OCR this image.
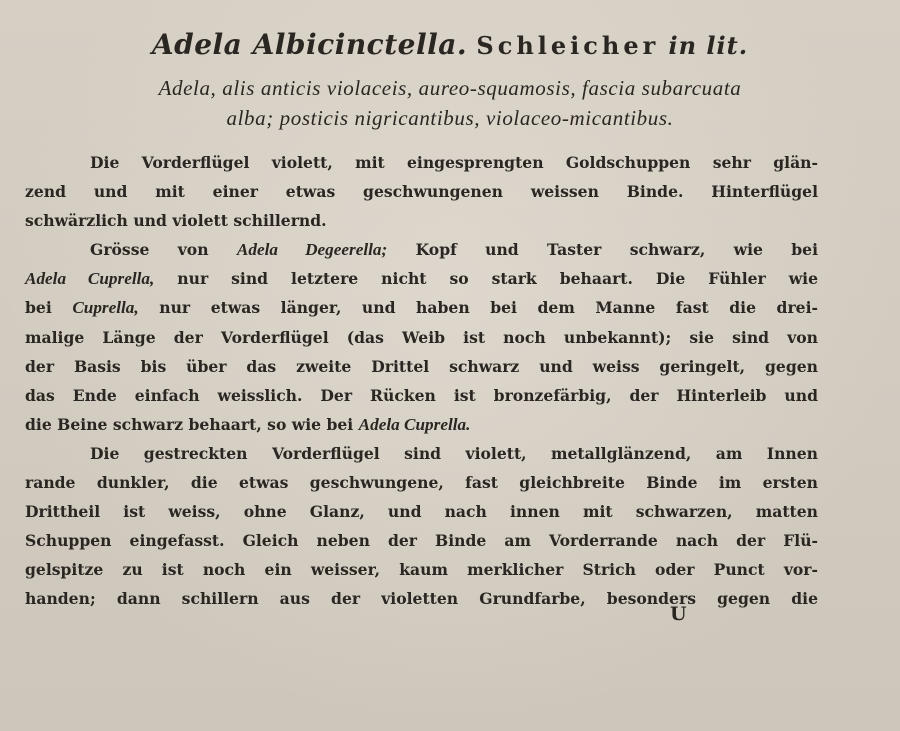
Adela Albicinctella. Schleicher in lit.
Adela, alis anticis violaceis, aureo-squamosis, fascia subarcuata
alba; posticis nigricantibus, violaceo-micantibus.
Die Vorderflügel violett, mit eingesprengten Goldschuppen sehr glän-
zend und mit einer etwas geschwungenen weissen Binde. Hinterflügel
schwärzlich und violett schillernd.
Grösse von Adela Degeerella; Kopf und Taster schwarz, wie bei
Adela Cuprella, nur sind letztere nicht so stark behaart. Die Fühler wie
bei Cuprella, nur etwas länger, und haben bei dem Manne fast die drei-
malige Länge der Vorderflügel (das Weib ist noch unbekannt); sie sind von
der Basis bis über das zweite Drittel schwarz und weiss geringelt, gegen
das Ende einfach weisslich. Der Rücken ist bronzefärbig, der Hinterleib und
die Beine schwarz behaart, so wie bei Adela Cuprella.
Die gestreckten Vorderflügel sind violett, metallglänzend, am Innen
rande dunkler, die etwas geschwungene, fast gleichbreite Binde im ersten
Drittheil ist weiss, ohne Glanz, und nach innen mit schwarzen, matten
Schuppen eingefasst. Gleich neben der Binde am Vorderrande nach der Flü-
gelspitze zu ist noch ein weisser, kaum merklicher Strich oder Punct vor-
handen; dann schillern aus der violetten Grundfarbe, besonders gegen die
U
